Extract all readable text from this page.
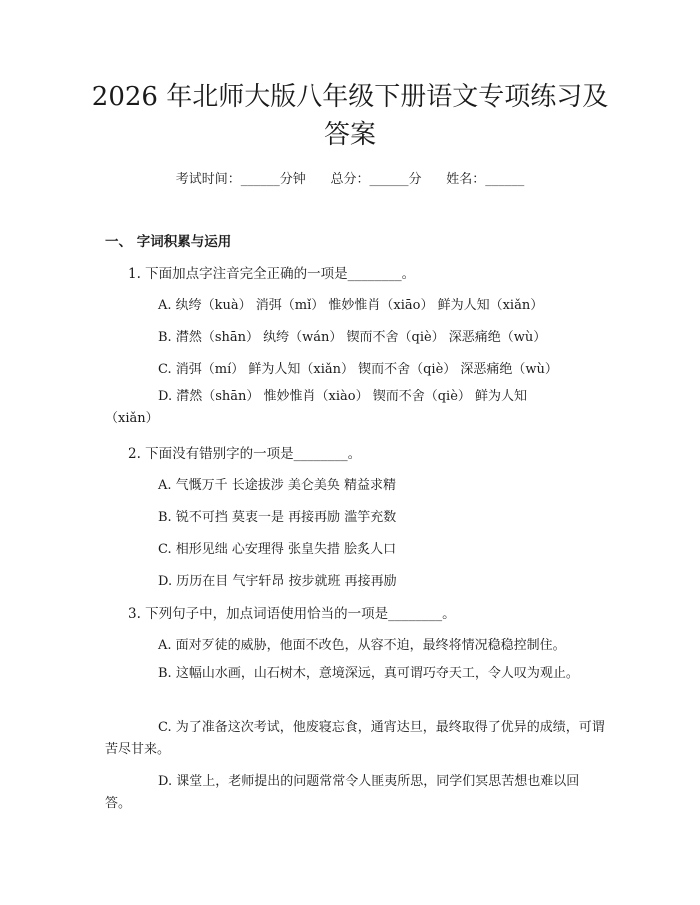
2026 年北师大版八年级下册语文专项练习及答案
考试时间：______分钟      总分：______分      姓名：______
一、 字词积累与运用
1. 下面加点字注音完全正确的一项是________。
A. 纨绔（kuà） 消弭（mǐ） 惟妙惟肖（xiāo） 鲜为人知（xiǎn）
B. 潸然（shān） 纨绔（wán） 锲而不舍（qiè） 深恶痛绝（wù）
C. 消弭（mí） 鲜为人知（xiǎn） 锲而不舍（qiè） 深恶痛绝（wù）
D. 潸然（shān） 惟妙惟肖（xiào） 锲而不舍（qiè） 鲜为人知（xiǎn）
2. 下面没有错别字的一项是________。
A. 气慨万千 长途拔涉 美仑美奂 精益求精
B. 锐不可挡 莫衷一是 再接再励 滥竽充数
C. 相形见绌 心安理得 张皇失措 脍炙人口
D. 历历在目 气宇轩昂 按步就班 再接再励
3. 下列句子中，加点词语使用恰当的一项是________。
A. 面对歹徒的威胁，他面不改色，从容不迫，最终将情况稳稳控制住。
B. 这幅山水画，山石树木，意境深远，真可谓巧夺天工，令人叹为观止。
C. 为了准备这次考试，他废寝忘食，通宵达旦，最终取得了优异的成绩，可谓苦尽甘来。
D. 课堂上，老师提出的问题常常令人匪夷所思，同学们冥思苦想也难以回答。
